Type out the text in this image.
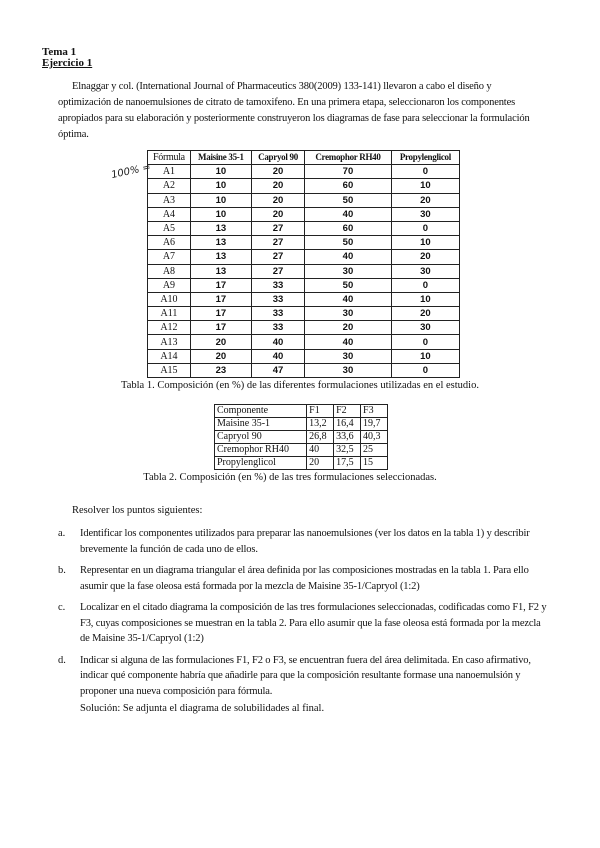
Tema 1
Ejercicio 1
Elnaggar y col. (International Journal of Pharmaceutics 380(2009) 133-141) llevaron a cabo el diseño y optimización de nanoemulsiones de citrato de tamoxifeno. En una primera etapa, seleccionaron los componentes apropiados para su elaboración y posteriormente construyeron los diagramas de fase para seleccionar la formulación óptima.
100% =
Fórmula	Maisine 35-1	Capryol 90	Cremophor RH40	Propylenglicol
A1	10	20	70	0
A2	10	20	60	10
A3	10	20	50	20
A4	10	20	40	30
A5	13	27	60	0
A6	13	27	50	10
A7	13	27	40	20
A8	13	27	30	30
A9	17	33	50	0
A10	17	33	40	10
A11	17	33	30	20
A12	17	33	20	30
A13	20	40	40	0
A14	20	40	30	10
A15	23	47	30	0
Tabla 1. Composición (en %) de las diferentes formulaciones utilizadas en el estudio.
Componente	F1	F2	F3
Maisine 35-1	13,2	16,4	19,7
Capryol 90	26,8	33,6	40,3
Cremophor RH40	40	32,5	25
Propylenglicol	20	17,5	15
Tabla 2. Composición (en %) de las tres formulaciones seleccionadas.
Resolver los puntos siguientes:
a.	Identificar los componentes utilizados para preparar las nanoemulsiones (ver los datos en la tabla 1) y describir brevemente la función de cada uno de ellos.
b.	Representar en un diagrama triangular el área definida por las composiciones mostradas en la tabla 1. Para ello asumir que la fase oleosa está formada por la mezcla de Maisine 35-1/Capryol (1:2)
c.	Localizar en el citado diagrama la composición de las tres formulaciones seleccionadas, codificadas como F1, F2 y F3, cuyas composiciones se muestran en la tabla 2. Para ello asumir que la fase oleosa está formada por la mezcla de Maisine 35-1/Capryol (1:2)
d.	Indicar si alguna de las formulaciones F1, F2 o F3, se encuentran fuera del área delimitada. En caso afirmativo, indicar qué componente habría que añadirle para que la composición resultante formase una nanoemulsión y proponer una nueva composición para fórmula.
Solución: Se adjunta el diagrama de solubilidades al final.
